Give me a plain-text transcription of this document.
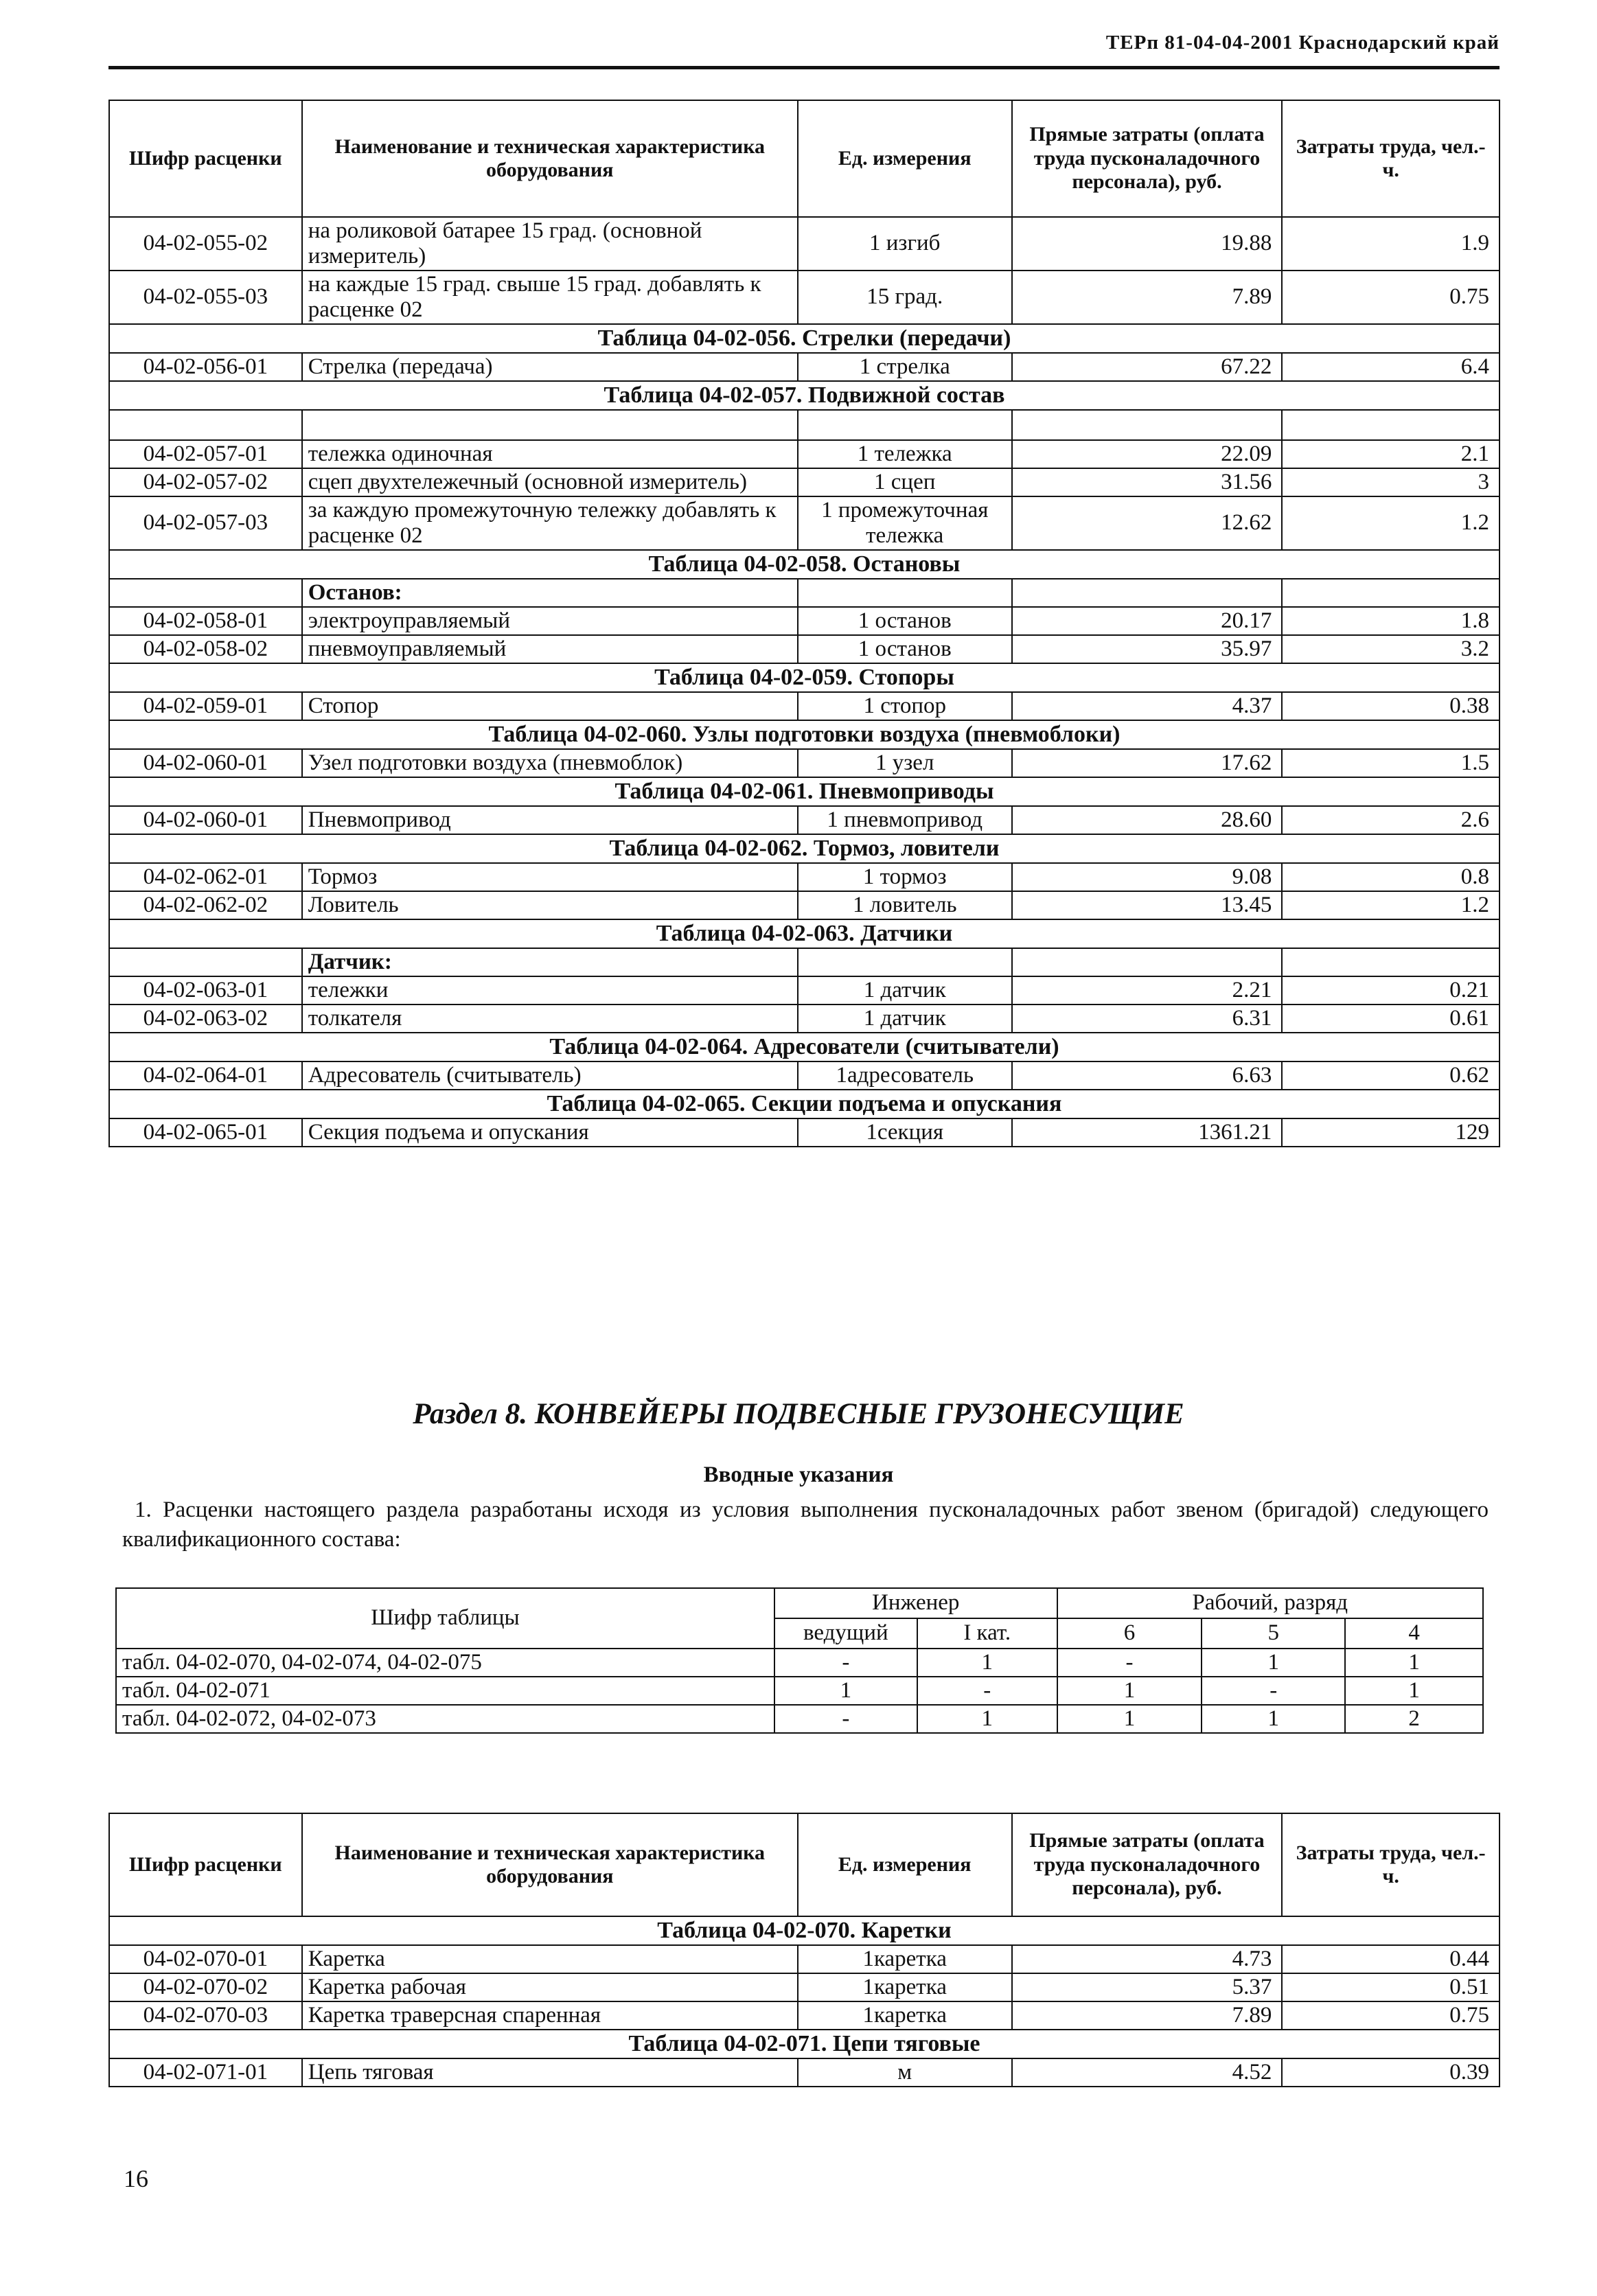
ТЕРп 81-04-04-2001 Краснодарский край
Шифр расценки	Наименование и техническая характеристика оборудования	Ед. измерения	Прямые затраты (оплата труда пусконаладочного персонала), руб.	Затраты труда, чел.-ч.
04-02-055-02	на роликовой батарее 15 град. (основной измеритель)	1 изгиб	19.88	1.9
04-02-055-03	на каждые 15 град. свыше 15 град. добавлять к расценке 02	15 град.	7.89	0.75
Таблица 04-02-056. Стрелки (передачи)				
04-02-056-01	Стрелка (передача)	1 стрелка	67.22	6.4
Таблица 04-02-057. Подвижной состав				

04-02-057-01	тележка одиночная	1 тележка	22.09	2.1
04-02-057-02	сцеп двухтележечный (основной измеритель)	1 сцеп	31.56	3
04-02-057-03	за каждую промежуточную тележку добавлять к расценке 02	1 промежуточная тележка	12.62	1.2
Таблица 04-02-058. Остановы				
	Останов:			
04-02-058-01	электроуправляемый	1 останов	20.17	1.8
04-02-058-02	пневмоуправляемый	1 останов	35.97	3.2
Таблица 04-02-059. Стопоры				
04-02-059-01	Стопор	1 стопор	4.37	0.38
Таблица 04-02-060. Узлы подготовки воздуха (пневмоблоки)				
04-02-060-01	Узел подготовки воздуха (пневмоблок)	1 узел	17.62	1.5
Таблица 04-02-061. Пневмоприводы				
04-02-060-01	Пневмопривод	1 пневмопривод	28.60	2.6
Таблица 04-02-062. Тормоз, ловители				
04-02-062-01	Тормоз	1 тормоз	9.08	0.8
04-02-062-02	Ловитель	1 ловитель	13.45	1.2
Таблица 04-02-063. Датчики				
	Датчик:			
04-02-063-01	тележки	1 датчик	2.21	0.21
04-02-063-02	толкателя	1 датчик	6.31	0.61
Таблица 04-02-064. Адресователи (считыватели)				
04-02-064-01	Адресователь (считыватель)	1адресователь	6.63	0.62
Таблица 04-02-065. Секции подъема и опускания				
04-02-065-01	Секция подъема и опускания	1секция	1361.21	129
Раздел 8. КОНВЕЙЕРЫ ПОДВЕСНЫЕ ГРУЗОНЕСУЩИЕ
Вводные указания
1. Расценки настоящего раздела разработаны исходя из условия выполнения пусконаладочных работ звеном (бригадой) следующего квалификационного состава:
Шифр таблицы	Инженер		Рабочий, разряд		
	ведущий	I кат.	6	5	4
табл. 04-02-070, 04-02-074, 04-02-075	-	1	-	1	1
табл. 04-02-071	1	-	1	-	1
табл. 04-02-072, 04-02-073	-	1	1	1	2
Шифр расценки	Наименование и техническая характеристика оборудования	Ед. измерения	Прямые затраты (оплата труда пусконаладочного персонала), руб.	Затраты труда, чел.-ч.
Таблица 04-02-070. Каретки				
04-02-070-01	Каретка	1каретка	4.73	0.44
04-02-070-02	Каретка рабочая	1каретка	5.37	0.51
04-02-070-03	Каретка траверсная спаренная	1каретка	7.89	0.75
Таблица 04-02-071. Цепи тяговые				
04-02-071-01	Цепь тяговая	м	4.52	0.39
16
